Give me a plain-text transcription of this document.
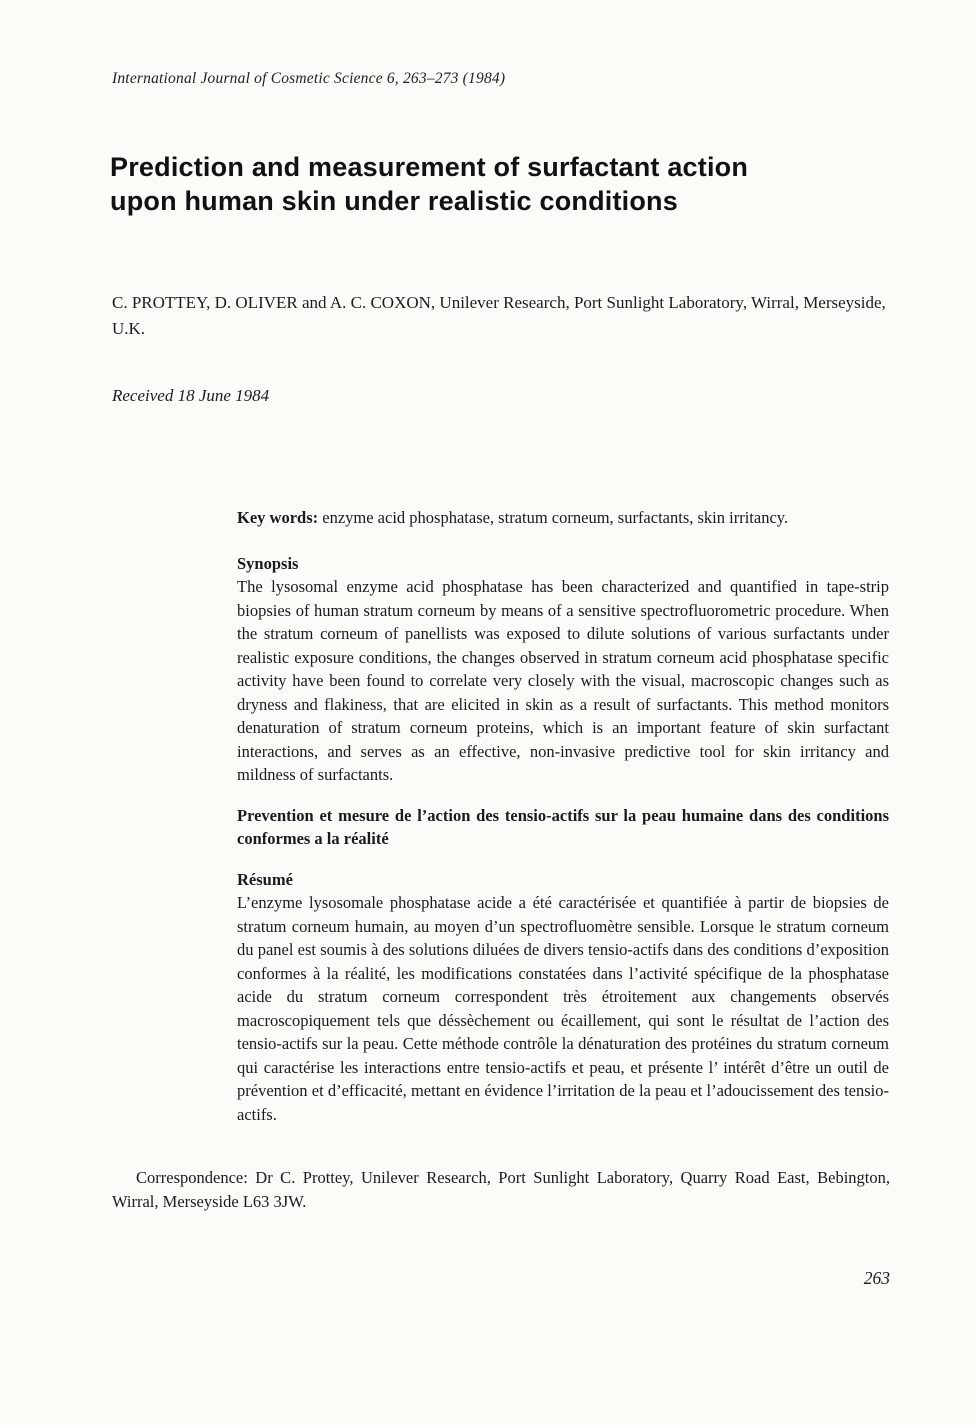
International Journal of Cosmetic Science 6, 263–273 (1984)
Prediction and measurement of surfactant action upon human skin under realistic conditions
C. PROTTEY, D. OLIVER and A. C. COXON, Unilever Research, Port Sunlight Laboratory, Wirral, Merseyside, U.K.
Received 18 June 1984

Key words: enzyme acid phosphatase, stratum corneum, surfactants, skin irritancy.

Synopsis

The lysosomal enzyme acid phosphatase has been characterized and quantified in tape-strip biopsies of human stratum corneum by means of a sensitive spectrofluorometric procedure. When the stratum corneum of panellists was exposed to dilute solutions of various surfactants under realistic exposure conditions, the changes observed in stratum corneum acid phosphatase specific activity have been found to correlate very closely with the visual, macroscopic changes such as dryness and flakiness, that are elicited in skin as a result of surfactants. This method monitors denaturation of stratum corneum proteins, which is an important feature of skin surfactant interactions, and serves as an effective, non-invasive predictive tool for skin irritancy and mildness of surfactants.

Prevention et mesure de l’action des tensio-actifs sur la peau humaine dans des conditions conformes a la réalité

Résumé

L’enzyme lysosomale phosphatase acide a été caractérisée et quantifiée à partir de biopsies de stratum corneum humain, au moyen d’un spectrofluomètre sensible. Lorsque le stratum corneum du panel est soumis à des solutions diluées de divers tensio-actifs dans des conditions d’exposition conformes à la réalité, les modifications constatées dans l’activité spécifique de la phosphatase acide du stratum corneum correspondent très étroitement aux changements observés macroscopiquement tels que déssèchement ou écaillement, qui sont le résultat de l’action des tensio-actifs sur la peau. Cette méthode contrôle la dénaturation des protéines du stratum corneum qui caractérise les interactions entre tensio-actifs et peau, et présente l’ intérêt d’être un outil de prévention et d’efficacité, mettant en évidence l’irritation de la peau et l’adoucissement des tensio-actifs.

Correspondence: Dr C. Prottey, Unilever Research, Port Sunlight Laboratory, Quarry Road East, Bebington, Wirral, Merseyside L63 3JW.
263
